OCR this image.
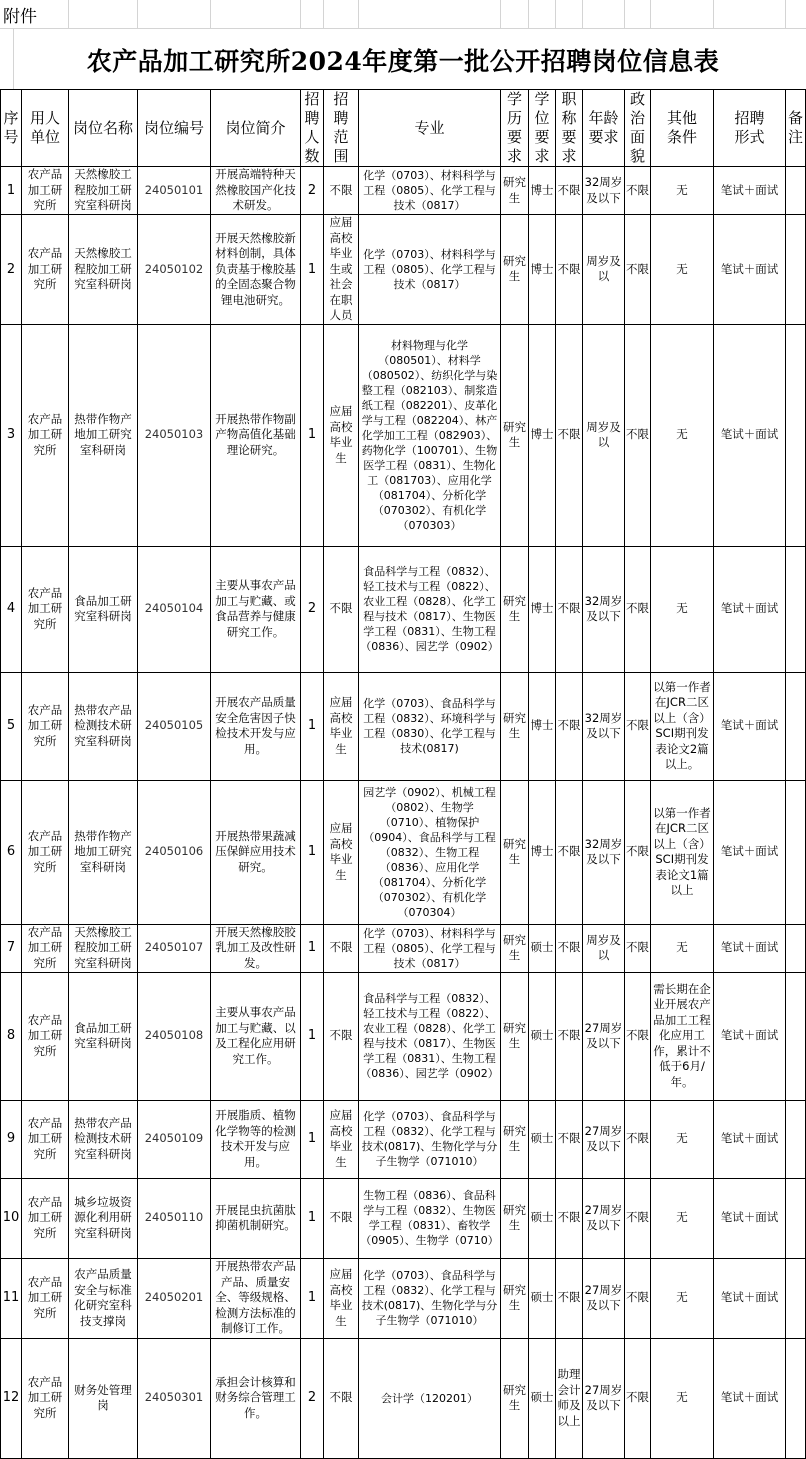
附件
农产品加工研究所2024年度第一批公开招聘岗位信息表
序号	用人单位	岗位名称	岗位编号	岗位简介	招聘人数	招聘范围	专业	学历要求	学位要求	职称要求	年龄要求	政治面貌	其他条件	招聘形式	备注
1	农产品加工研究所	天然橡胶工程胶加工研究室科研岗	24050101	开展高端特种天然橡胶国产化技术研发。	2	不限	化学（0703）、材料科学与工程（0805）、化学工程与技术（0817）	研究生	博士	不限	32周岁及以下	不限	无	笔试＋面试	
2	农产品加工研究所	天然橡胶工程胶加工研究室科研岗	24050102	开展天然橡胶新材料创制，具体负责基于橡胶基的全固态聚合物锂电池研究。	1	应届高校毕业生或社会在职人员	化学（0703）、材料科学与工程（0805）、化学工程与技术（0817）	研究生	博士	不限	周岁及以	不限	无	笔试＋面试	
3	农产品加工研究所	热带作物产地加工研究室科研岗	24050103	开展热带作物副产物高值化基础理论研究。	1	应届高校毕业生	材料物理与化学（080501）、材料学（080502）、纺织化学与染整工程（082103）、制浆造纸工程（082201）、皮革化学与工程（082204）、林产化学加工工程（082903）、药物化学（100701）、生物医学工程（0831）、生物化工（081703）、应用化学（081704）、分析化学（070302）、有机化学（070303）	研究生	博士	不限	周岁及以	不限	无	笔试＋面试	
4	农产品加工研究所	食品加工研究室科研岗	24050104	主要从事农产品加工与贮藏、或食品营养与健康研究工作。	2	不限	食品科学与工程（0832）、轻工技术与工程（0822）、农业工程（0828）、化学工程与技术（0817）、生物医学工程（0831）、生物工程（0836）、园艺学（0902）	研究生	博士	不限	32周岁及以下	不限	无	笔试＋面试	
5	农产品加工研究所	热带农产品检测技术研究室科研岗	24050105	开展农产品质量安全危害因子快检技术开发与应用。	1	应届高校毕业生	化学（0703）、食品科学与工程（0832）、环境科学与工程（0830）、化学工程与技术(0817)	研究生	博士	不限	32周岁及以下	不限	以第一作者在JCR二区以上（含）SCI期刊发表论文2篇以上。	笔试＋面试	
6	农产品加工研究所	热带作物产地加工研究室科研岗	24050106	开展热带果蔬减压保鲜应用技术研究。	1	应届高校毕业生	园艺学（0902）、机械工程（0802）、生物学（0710）、植物保护（0904）、食品科学与工程（0832）、生物工程（0836）、应用化学（081704）、分析化学（070302）、有机化学（070304）	研究生	博士	不限	32周岁及以下	不限	以第一作者在JCR二区以上（含）SCI期刊发表论文1篇以上	笔试＋面试	
7	农产品加工研究所	天然橡胶工程胶加工研究室科研岗	24050107	开展天然橡胶胶乳加工及改性研发。	1	不限	化学（0703）、材料科学与工程（0805）、化学工程与技术（0817）	研究生	硕士	不限	周岁及以	不限	无	笔试＋面试	
8	农产品加工研究所	食品加工研究室科研岗	24050108	主要从事农产品加工与贮藏、以及工程化应用研究工作。	1	不限	食品科学与工程（0832）、轻工技术与工程（0822）、农业工程（0828）、化学工程与技术（0817）、生物医学工程（0831）、生物工程（0836）、园艺学（0902）	研究生	硕士	不限	27周岁及以下	不限	需长期在企业开展农产品加工工程化应用工作，累计不低于6月/年。	笔试＋面试	
9	农产品加工研究所	热带农产品检测技术研究室科研岗	24050109	开展脂质、植物化学物等的检测技术开发与应用。	1	应届高校毕业生	化学（0703）、食品科学与工程（0832）、化学工程与技术(0817)、生物化学与分子生物学（071010）	研究生	硕士	不限	27周岁及以下	不限	无	笔试＋面试	
10	农产品加工研究所	城乡垃圾资源化利用研究室科研岗	24050110	开展昆虫抗菌肽抑菌机制研究。	1	不限	生物工程（0836）、食品科学与工程（0832）、生物医学工程（0831）、畜牧学（0905）、生物学（0710）	研究生	硕士	不限	27周岁及以下	不限	无	笔试＋面试	
11	农产品加工研究所	农产品质量安全与标准化研究室科技支撑岗	24050201	开展热带农产品产品、质量安全、等级规格、检测方法标准的制修订工作。	1	应届高校毕业生	化学（0703）、食品科学与工程（0832）、化学工程与技术(0817)、生物化学与分子生物学（071010）	研究生	硕士	不限	27周岁及以下	不限	无	笔试＋面试	
12	农产品加工研究所	财务处管理岗	24050301	承担会计核算和财务综合管理工作。	2	不限	会计学（120201）	研究生	硕士	助理会计师及以上	27周岁及以下	不限	无	笔试＋面试	
